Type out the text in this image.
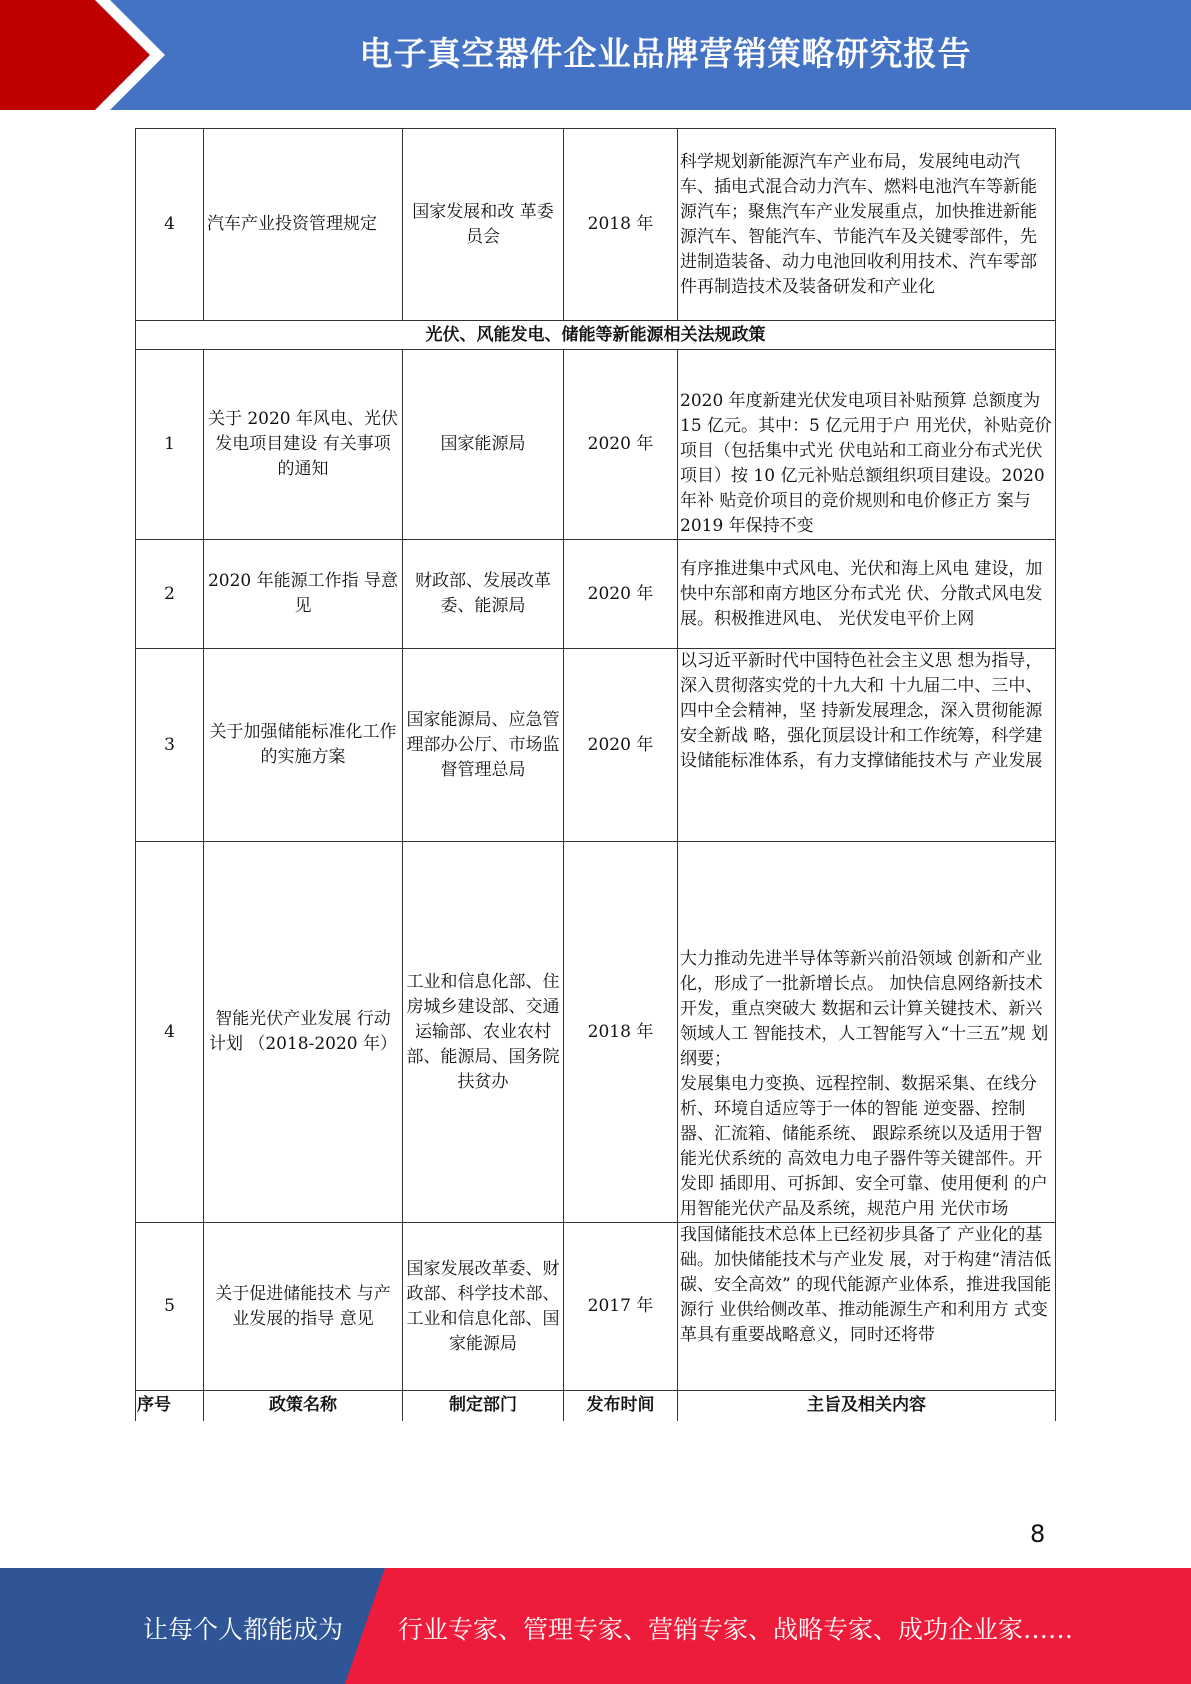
电子真空器件企业品牌营销策略研究报告
4	汽车产业投资管理规定	国家发展和改 革委员会	2018 年	科学规划新能源汽车产业布局，发展纯电动汽车、插电式混合动力汽车、燃料电池汽车等新能源汽车；聚焦汽车产业发展重点，加快推进新能源汽车、智能汽车、节能汽车及关键零部件，先进制造装备、动力电池回收利用技术、汽车零部件再制造技术及装备研发和产业化
光伏、风能发电、储能等新能源相关法规政策				
1	关于 2020 年风电、光伏发电项目建设 有关事项的通知	国家能源局	2020 年	2020 年度新建光伏发电项目补贴预算 总额度为 15 亿元。其中：5 亿元用于户 用光伏，补贴竞价项目（包括集中式光 伏电站和工商业分布式光伏项目）按 10 亿元补贴总额组织项目建设。2020 年补 贴竞价项目的竞价规则和电价修正方 案与 2019 年保持不变
2	2020 年能源工作指 导意见	财政部、发展改革委、能源局	2020 年	有序推进集中式风电、光伏和海上风电 建设，加快中东部和南方地区分布式光 伏、分散式风电发展。积极推进风电、 光伏发电平价上网
3	关于加强储能标准化工作的实施方案	国家能源局、应急管理部办公厅、市场监督管理总局	2020 年	以习近平新时代中国特色社会主义思 想为指导，深入贯彻落实党的十九大和 十九届二中、三中、四中全会精神，坚 持新发展理念，深入贯彻能源安全新战 略，强化顶层设计和工作统筹，科学建 设储能标准体系，有力支撑储能技术与 产业发展
4	智能光伏产业发展 行动计划 （2018-2020 年）	工业和信息化部、住房城乡建设部、交通运输部、农业农村部、能源局、国务院扶贫办	2018 年	大力推动先进半导体等新兴前沿领域 创新和产业化，形成了一批新增长点。 加快信息网络新技术开发，重点突破大 数据和云计算关键技术、新兴领域人工 智能技术，人工智能写入“十三五”规 划纲要；
发展集电力变换、远程控制、数据采集、在线分析、环境自适应等于一体的智能 逆变器、控制器、汇流箱、储能系统、 跟踪系统以及适用于智能光伏系统的 高效电力电子器件等关键部件。开发即 插即用、可拆卸、安全可靠、使用便利 的户用智能光伏产品及系统，规范户用 光伏市场

5	关于促进储能技术 与产业发展的指导 意见	国家发展改革委、财政部、科学技术部、工业和信息化部、国家能源局	2017 年	我国储能技术总体上已经初步具备了 产业化的基础。加快储能技术与产业发 展，对于构建“清洁低碳、安全高效” 的现代能源产业体系，推进我国能源行 业供给侧改革、推动能源生产和利用方 式变革具有重要战略意义，同时还将带
序号	政策名称	制定部门	发布时间	主旨及相关内容
8
让每个人都能成为 行业专家、管理专家、营销专家、战略专家、成功企业家……
